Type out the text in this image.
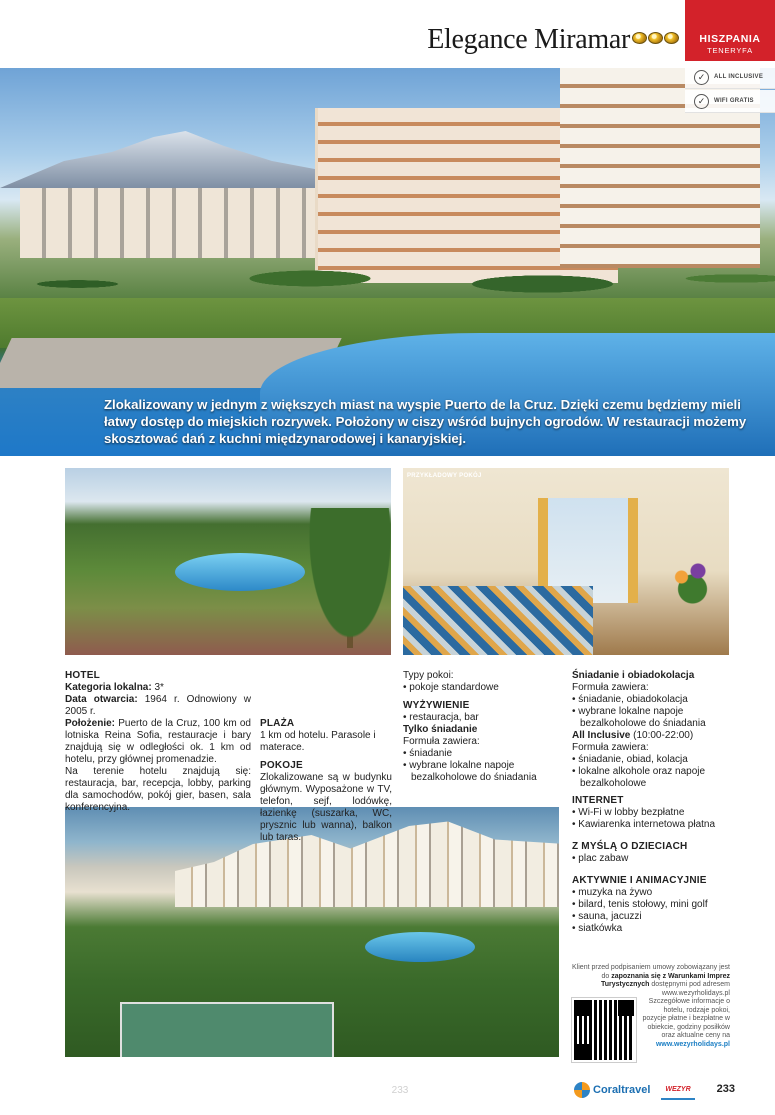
Elegance Miramar
Zlokalizowany w jednym z większych miast na wyspie Puerto de la Cruz. Dzięki czemu będziemy mieli łatwy dostęp do miejskich rozrywek. Położony w ciszy wśród bujnych ogrodów. W restauracji możemy skosztować dań z kuchni międzynarodowej i kanaryjskiej.
HISZPANIA
TENERYFA
✓	ALL INCLUSIVE
✓	WIFI GRATIS
PRZYKŁADOWY POKÓJ
HOTEL
Kategoria lokalna: 3*
Data otwarcia: 1964 r. Odnowiony w 2005 r.
Położenie: Puerto de la Cruz, 100 km od lotniska Reina Sofia, restauracje i bary znajdują się w odległości ok. 1 km od hotelu, przy głównej promenadzie.
Na terenie hotelu znajdują się: restauracja, bar, recepcja, lobby, parking dla samochodów, pokój gier, basen, sala konferencyjna.
PLAŻA
1 km od hotelu. Parasole i materace.
POKOJE
Zlokalizowane są w budynku głównym. Wyposażone w TV, telefon, sejf, lodówkę, łazienkę (suszarka, WC, prysznic lub wanna), balkon lub taras.
Typy pokoi:
• pokoje standardowe
WYŻYWIENIE
• restauracja, bar
Tylko śniadanie
Formuła zawiera:
• śniadanie
• wybrane lokalne napoje bezalkoholowe do śniadania
Śniadanie i obiadokolacja
Formuła zawiera:
• śniadanie, obiadokolacja
• wybrane lokalne napoje bezalkoholowe do śniadania
All Inclusive (10:00-22:00)
Formuła zawiera:
• śniadanie, obiad, kolacja
• lokalne alkohole oraz napoje bezalkoholowe
INTERNET
• Wi-Fi w lobby bezpłatne
• Kawiarenka internetowa płatna
Z MYŚLĄ O DZIECIACH
• plac zabaw
AKTYWNIE I ANIMACYJNIE
• muzyka na żywo
• bilard, tenis stołowy, mini golf
• sauna, jacuzzi
• siatkówka
Klient przed podpisaniem umowy zobowiązany jest do zapoznania się z Warunkami Imprez Turystycznych dostępnymi pod adresem www.wezyrholidays.pl
Szczegółowe informacje o hotelu, rodzaje pokoi, pozycje płatne i bezpłatne w obiekcie, godziny posiłków oraz aktualne ceny na
www.wezyrholidays.pl
233	Coraltravel	WEZYR	233
